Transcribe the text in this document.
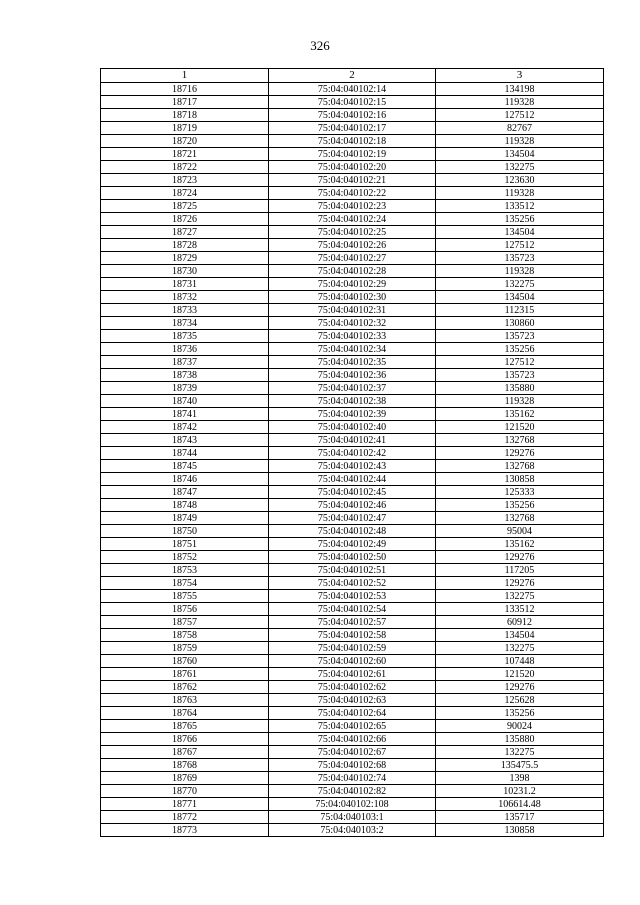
326
1	2	3
18716	75:04:040102:14	134198
18717	75:04:040102:15	119328
18718	75:04:040102:16	127512
18719	75:04:040102:17	82767
18720	75:04:040102:18	119328
18721	75:04:040102:19	134504
18722	75:04:040102:20	132275
18723	75:04:040102:21	123630
18724	75:04:040102:22	119328
18725	75:04:040102:23	133512
18726	75:04:040102:24	135256
18727	75:04:040102:25	134504
18728	75:04:040102:26	127512
18729	75:04:040102:27	135723
18730	75:04:040102:28	119328
18731	75:04:040102:29	132275
18732	75:04:040102:30	134504
18733	75:04:040102:31	112315
18734	75:04:040102:32	130860
18735	75:04:040102:33	135723
18736	75:04:040102:34	135256
18737	75:04:040102:35	127512
18738	75:04:040102:36	135723
18739	75:04:040102:37	135880
18740	75:04:040102:38	119328
18741	75:04:040102:39	135162
18742	75:04:040102:40	121520
18743	75:04:040102:41	132768
18744	75:04:040102:42	129276
18745	75:04:040102:43	132768
18746	75:04:040102:44	130858
18747	75:04:040102:45	125333
18748	75:04:040102:46	135256
18749	75:04:040102:47	132768
18750	75:04:040102:48	95004
18751	75:04:040102:49	135162
18752	75:04:040102:50	129276
18753	75:04:040102:51	117205
18754	75:04:040102:52	129276
18755	75:04:040102:53	132275
18756	75:04:040102:54	133512
18757	75:04:040102:57	60912
18758	75:04:040102:58	134504
18759	75:04:040102:59	132275
18760	75:04:040102:60	107448
18761	75:04:040102:61	121520
18762	75:04:040102:62	129276
18763	75:04:040102:63	125628
18764	75:04:040102:64	135256
18765	75:04:040102:65	90024
18766	75:04:040102:66	135880
18767	75:04:040102:67	132275
18768	75:04:040102:68	135475.5
18769	75:04:040102:74	1398
18770	75:04:040102:82	10231.2
18771	75:04:040102:108	106614.48
18772	75:04:040103:1	135717
18773	75:04:040103:2	130858
